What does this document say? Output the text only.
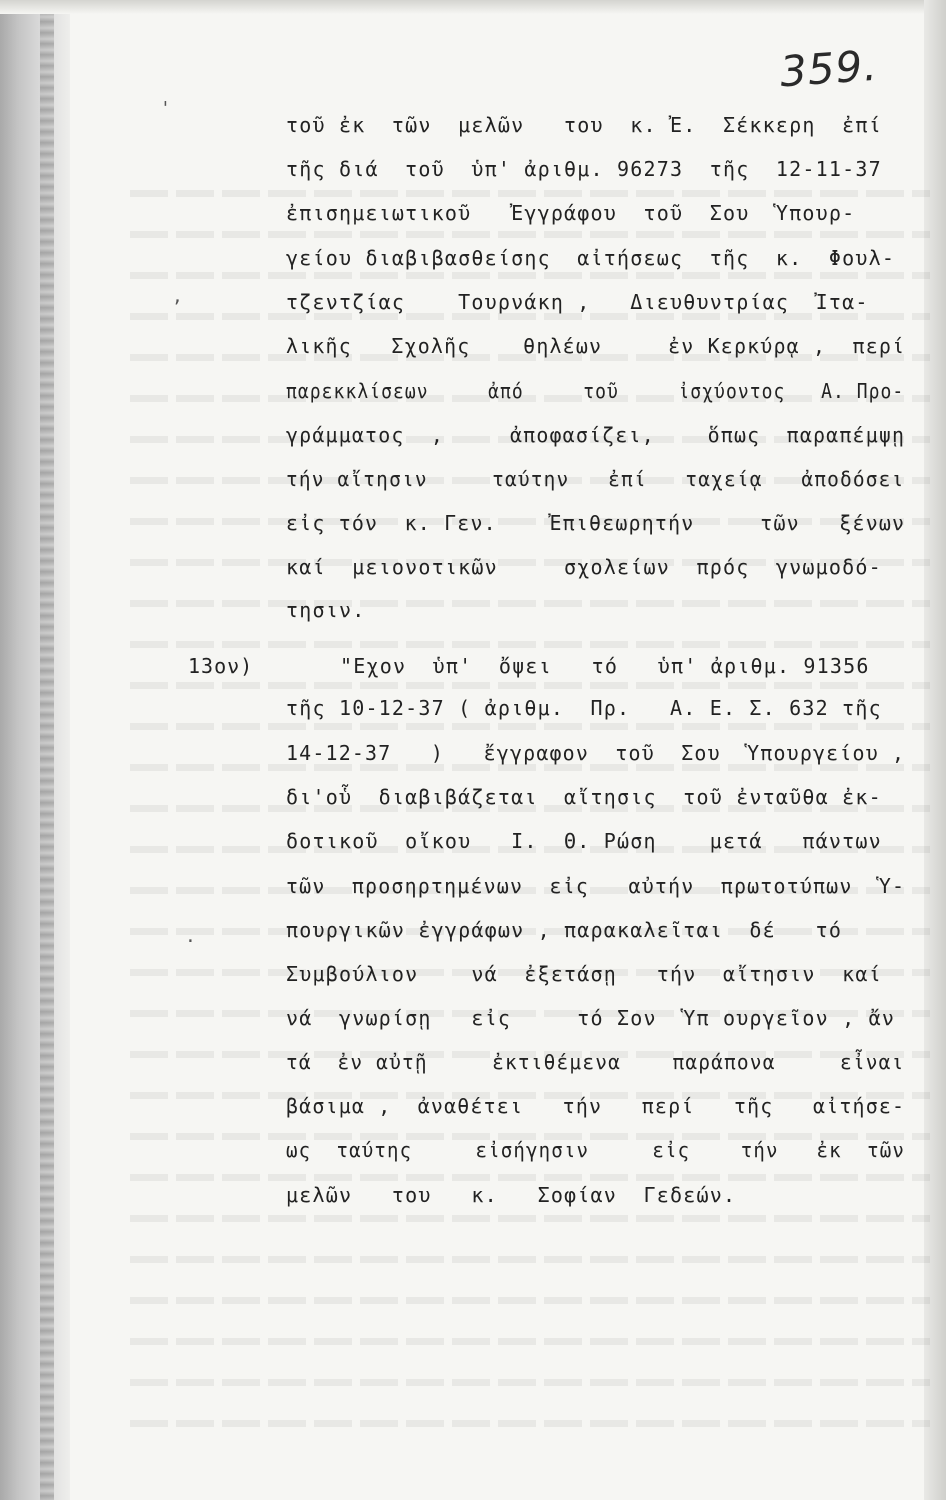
359.
'
,
.
13ον)
τοῦ ἐκ  τῶν  μελῶν   του  κ. Ἐ.  Σέκκερη  ἐπί
τῆς διά  τοῦ  ὑπ' ἀριθμ. 96273  τῆς  12-11-37
ἐπισημειωτικοῦ   Ἐγγράφου  τοῦ  Σου  Ὑπουρ-
γείου διαβιβασθείσης  αἰτήσεως  τῆς  κ.  Φουλ-
τζεντζίας    Τουρνάκη ,   Διευθυντρίας  Ἰτα-
λικῆς   Σχολῆς    θηλέων     ἐν Κερκύρᾳ ,  περί
παρεκκλίσεων     ἀπό     τοῦ     ἰσχύοντος   Α. Προ-
γράμματος  ,     ἀποφασίζει,    ὅπως  παραπέμψῃ
τήν αἴτησιν     ταύτην   ἐπί   ταχείᾳ   ἀποδόσει
εἰς τόν  κ. Γεν.    Ἐπιθεωρητήν     τῶν   ξένων
καί  μειονοτικῶν     σχολείων  πρός  γνωμοδό-
τησιν.
"Εχον  ὑπ'  ὄψει   τό   ὑπ' ἀριθμ. 91356
τῆς 10-12-37 ( ἀριθμ.  Πρ.   Α. Ε. Σ. 632 τῆς
14-12-37   )   ἔγγραφον  τοῦ  Σου  Ὑπουργείου ,
δι'οὗ  διαβιβάζεται  αἴτησις  τοῦ ἐνταῦθα ἐκ-
δοτικοῦ  οἴκου   Ι.  Θ. Ρώση    μετά   πάντων
τῶν  προσηρτημένων  εἰς   αὐτήν  πρωτοτύπων  Ὑ-
πουργικῶν ἐγγράφων , παρακαλεῖται  δέ   τό
Συμβούλιον    νά  ἐξετάσῃ   τήν  αἴτησιν  καί
νά  γνωρίσῃ   εἰς     τό Σον  Ὑπ ουργεῖον , ἄν
τά  ἐν αὐτῇ     ἐκτιθέμενα    παράπονα     εἶναι
βάσιμα ,  ἀναθέτει   τήν   περί   τῆς   αἰτήσε-
ως  ταύτης     εἰσήγησιν     εἰς    τήν   ἐκ  τῶν
μελῶν   του   κ.   Σοφίαν  Γεδεών.
